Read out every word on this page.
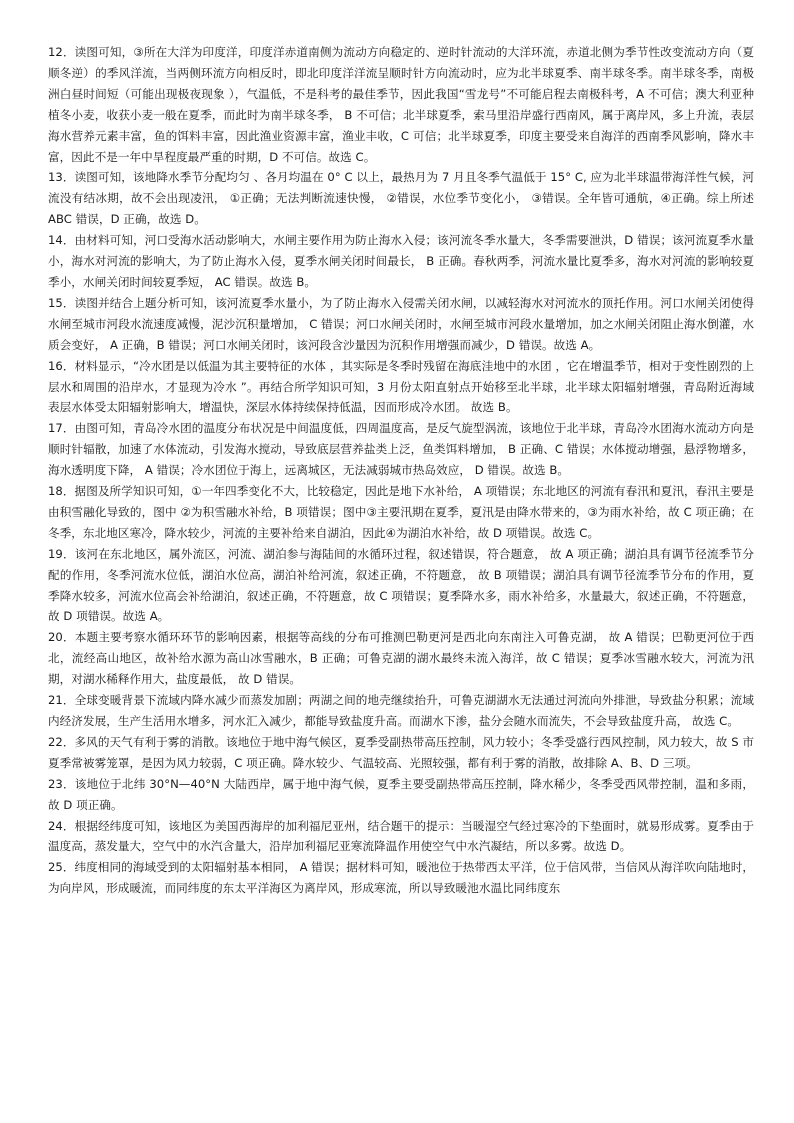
12．读图可知，③所在大洋为印度洋，印度洋赤道南侧为流动方向稳定的、逆时针流动的大洋环流，赤道北侧为季节性改变流动方向（夏顺冬逆）的季风洋流，当两侧环流方向相反时，即北印度洋洋流呈顺时针方向流动时，应为北半球夏季、南半球冬季。南半球冬季，南极洲白昼时间短（可能出现极夜现象 ），气温低，不是科考的最佳季节，因此我国“雪龙号”不可能启程去南极科考，A 不可信；澳大利亚种植冬小麦，收获小麦一般在夏季，而此时为南半球冬季， B 不可信；北半球夏季，索马里沿岸盛行西南风，属于离岸风，多上升流，表层海水营养元素丰富，鱼的饵料丰富，因此渔业资源丰富，渔业丰收，C 可信；北半球夏季，印度主要受来自海洋的西南季风影响，降水丰富，因此不是一年中旱程度最严重的时期，D 不可信。故选 C。

13．读图可知，该地降水季节分配均匀 、各月均温在 0° C 以上，最热月为 7 月且冬季气温低于 15° C, 应为北半球温带海洋性气候，河流没有结冰期，故不会出现凌汛， ①正确；无法判断流速快慢， ②错误，水位季节变化小， ③错误。全年皆可通航，④正确。综上所述 ABC 错误，D 正确，故选 D。

14．由材料可知，河口受海水活动影响大，水闸主要作用为防止海水入侵；该河流冬季水量大，冬季需要泄洪，D 错误；该河流夏季水量小，海水对河流的影响大，为了防止海水入侵，夏季水闸关闭时间最长， B 正确。春秋两季，河流水量比夏季多，海水对河流的影响较夏季小，水闸关闭时间较夏季短， AC 错误。故选 B。

15．读图并结合上题分析可知，该河流夏季水量小，为了防止海水入侵需关闭水闸，以减轻海水对河流水的顶托作用。河口水闸关闭使得水闸至城市河段水流速度减慢，泥沙沉积量增加， C 错误；河口水闸关闭时，水闸至城市河段水量增加，加之水闸关闭阻止海水倒灌，水质会变好， A 正确，B 错误；河口水闸关闭时，该河段含沙量因为沉积作用增强而减少，D 错误。故选 A。

16．材料显示，“冷水团是以低温为其主要特征的水体 ，其实际是冬季时残留在海底洼地中的水团 ，它在增温季节，相对于变性剧烈的上层水和周围的沿岸水，才显现为冷水 ”。再结合所学知识可知，3 月份太阳直射点开始移至北半球，北半球太阳辐射增强，青岛附近海域表层水体受太阳辐射影响大，增温快，深层水体持续保持低温，因而形成冷水团。 故选 B。

17．由图可知，青岛冷水团的温度分布状况是中间温度低，四周温度高，是反气旋型涡流，该地位于北半球，青岛冷水团海水流动方向是顺时针辐散，加速了水体流动，引发海水搅动，导致底层营养盐类上泛，鱼类饵料增加， B 正确、C 错误；水体搅动增强，悬浮物增多，海水透明度下降， A 错误；冷水团位于海上，远离城区，无法减弱城市热岛效应， D 错误。故选 B。

18．据图及所学知识可知，①一年四季变化不大，比较稳定，因此是地下水补给， A 项错误；东北地区的河流有春汛和夏汛，春汛主要是由积雪融化导致的，图中 ②为积雪融水补给，B 项错误；图中③主要汛期在夏季，夏汛是由降水带来的，③为雨水补给，故 C 项正确；在冬季，东北地区寒冷，降水较少，河流的主要补给来自湖泊，因此④为湖泊水补给，故 D 项错误。故选 C。

19．该河在东北地区，属外流区，河流、湖泊参与海陆间的水循环过程，叙述错误，符合题意， 故 A 项正确；湖泊具有调节径流季节分配的作用，冬季河流水位低，湖泊水位高，湖泊补给河流，叙述正确，不符题意， 故 B 项错误；湖泊具有调节径流季节分布的作用，夏季降水较多，河流水位高会补给湖泊，叙述正确，不符题意，故 C 项错误；夏季降水多，雨水补给多，水量最大，叙述正确，不符题意， 故 D 项错误。故选 A。

20．本题主要考察水循环环节的影响因素，根据等高线的分布可推测巴勒更河是西北向东南注入可鲁克湖， 故 A 错误；巴勒更河位于西北，流经高山地区，故补给水源为高山冰雪融水，B 正确；可鲁克湖的湖水最终未流入海洋，故 C 错误；夏季冰雪融水较大，河流为汛期，对湖水稀释作用大，盐度最低， 故 D 错误。

21．全球变暖背景下流域内降水减少而蒸发加剧；两湖之间的地壳继续抬升，可鲁克湖湖水无法通过河流向外排泄，导致盐分积累；流域内经济发展，生产生活用水增多，河水汇入减少，都能导致盐度升高。而湖水下渗，盐分会随水而流失，不会导致盐度升高， 故选 C。

22．多风的天气有利于雾的消散。该地位于地中海气候区，夏季受副热带高压控制，风力较小；冬季受盛行西风控制，风力较大，故 S 市夏季常被雾笼罩，是因为风力较弱，C 项正确。降水较少、气温较高、光照较强，都有利于雾的消散，故排除 A、B、D 三项。

23．该地位于北纬 30°N—40°N 大陆西岸，属于地中海气候，夏季主要受副热带高压控制，降水稀少，冬季受西风带控制，温和多雨，故 D 项正确。

24．根据经纬度可知，该地区为美国西海岸的加利福尼亚州，结合题干的提示：当暖湿空气经过寒冷的下垫面时，就易形成雾。夏季由于温度高，蒸发量大，空气中的水汽含量大，沿岸加利福尼亚寒流降温作用使空气中水汽凝结，所以多雾。故选 D。

25．纬度相同的海域受到的太阳辐射基本相同， A 错误；据材料可知，暖池位于热带西太平洋，位于信风带，当信风从海洋吹向陆地时，为向岸风，形成暖流，而同纬度的东太平洋海区为离岸风，形成寒流，所以导致暖池水温比同纬度东
